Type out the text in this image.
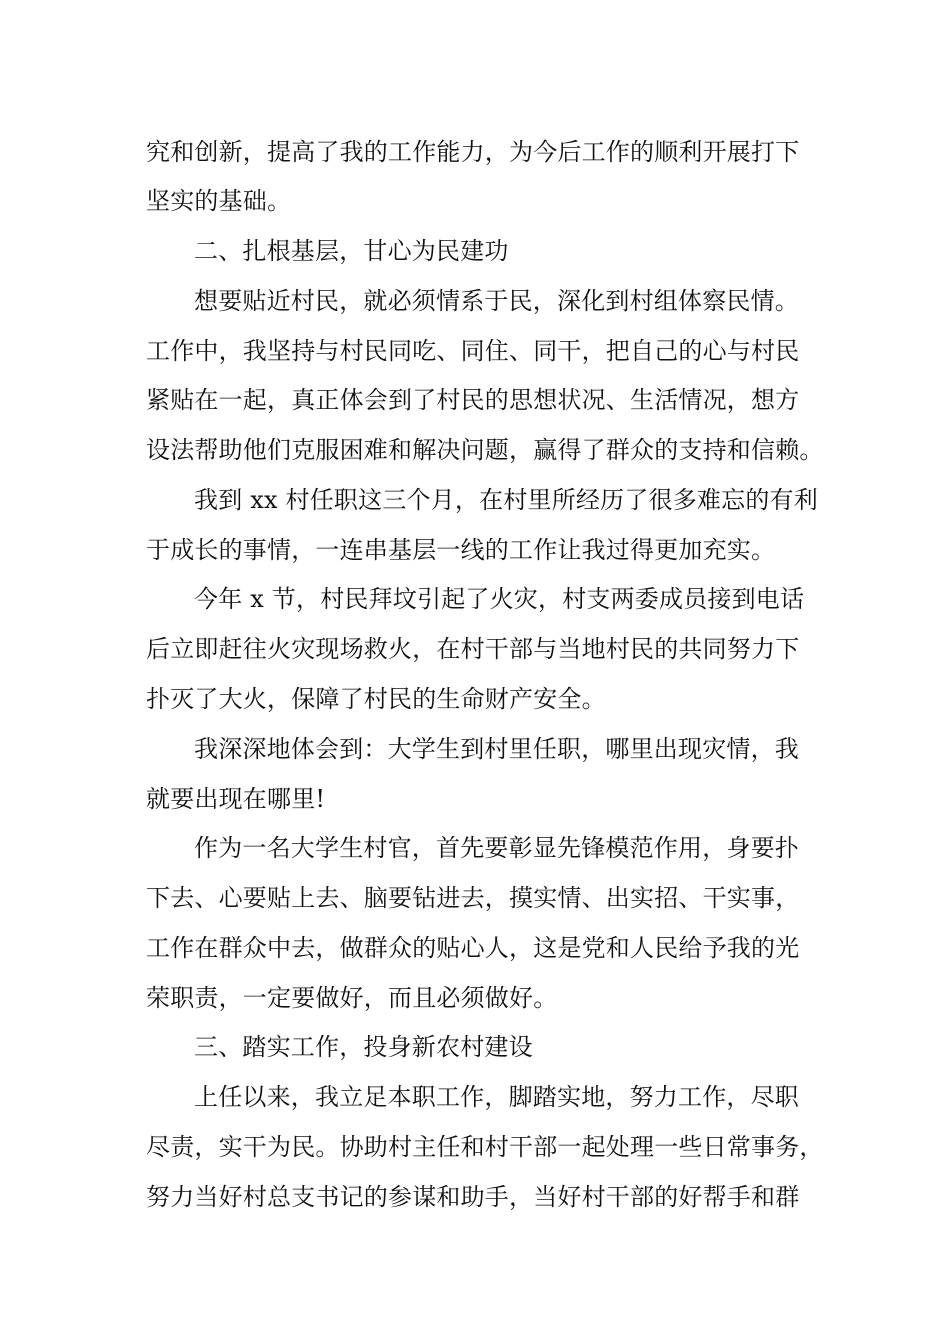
究和创新，提高了我的工作能力，为今后工作的顺利开展打下
坚实的基础。
二、扎根基层，甘心为民建功
想要贴近村民，就必须情系于民，深化到村组体察民情。
工作中，我坚持与村民同吃、同住、同干，把自己的心与村民
紧贴在一起，真正体会到了村民的思想状况、生活情况，想方
设法帮助他们克服困难和解决问题，赢得了群众的支持和信赖。
我到 xx 村任职这三个月，在村里所经历了很多难忘的有利
于成长的事情，一连串基层一线的工作让我过得更加充实。
今年 x 节，村民拜坟引起了火灾，村支两委成员接到电话
后立即赶往火灾现场救火，在村干部与当地村民的共同努力下
扑灭了大火，保障了村民的生命财产安全。
我深深地体会到：大学生到村里任职，哪里出现灾情，我
就要出现在哪里!
作为一名大学生村官，首先要彰显先锋模范作用，身要扑
下去、心要贴上去、脑要钻进去，摸实情、出实招、干实事，
工作在群众中去，做群众的贴心人，这是党和人民给予我的光
荣职责，一定要做好，而且必须做好。
三、踏实工作，投身新农村建设
上任以来，我立足本职工作，脚踏实地，努力工作，尽职
尽责，实干为民。协助村主任和村干部一起处理一些日常事务，
努力当好村总支书记的参谋和助手，当好村干部的好帮手和群
